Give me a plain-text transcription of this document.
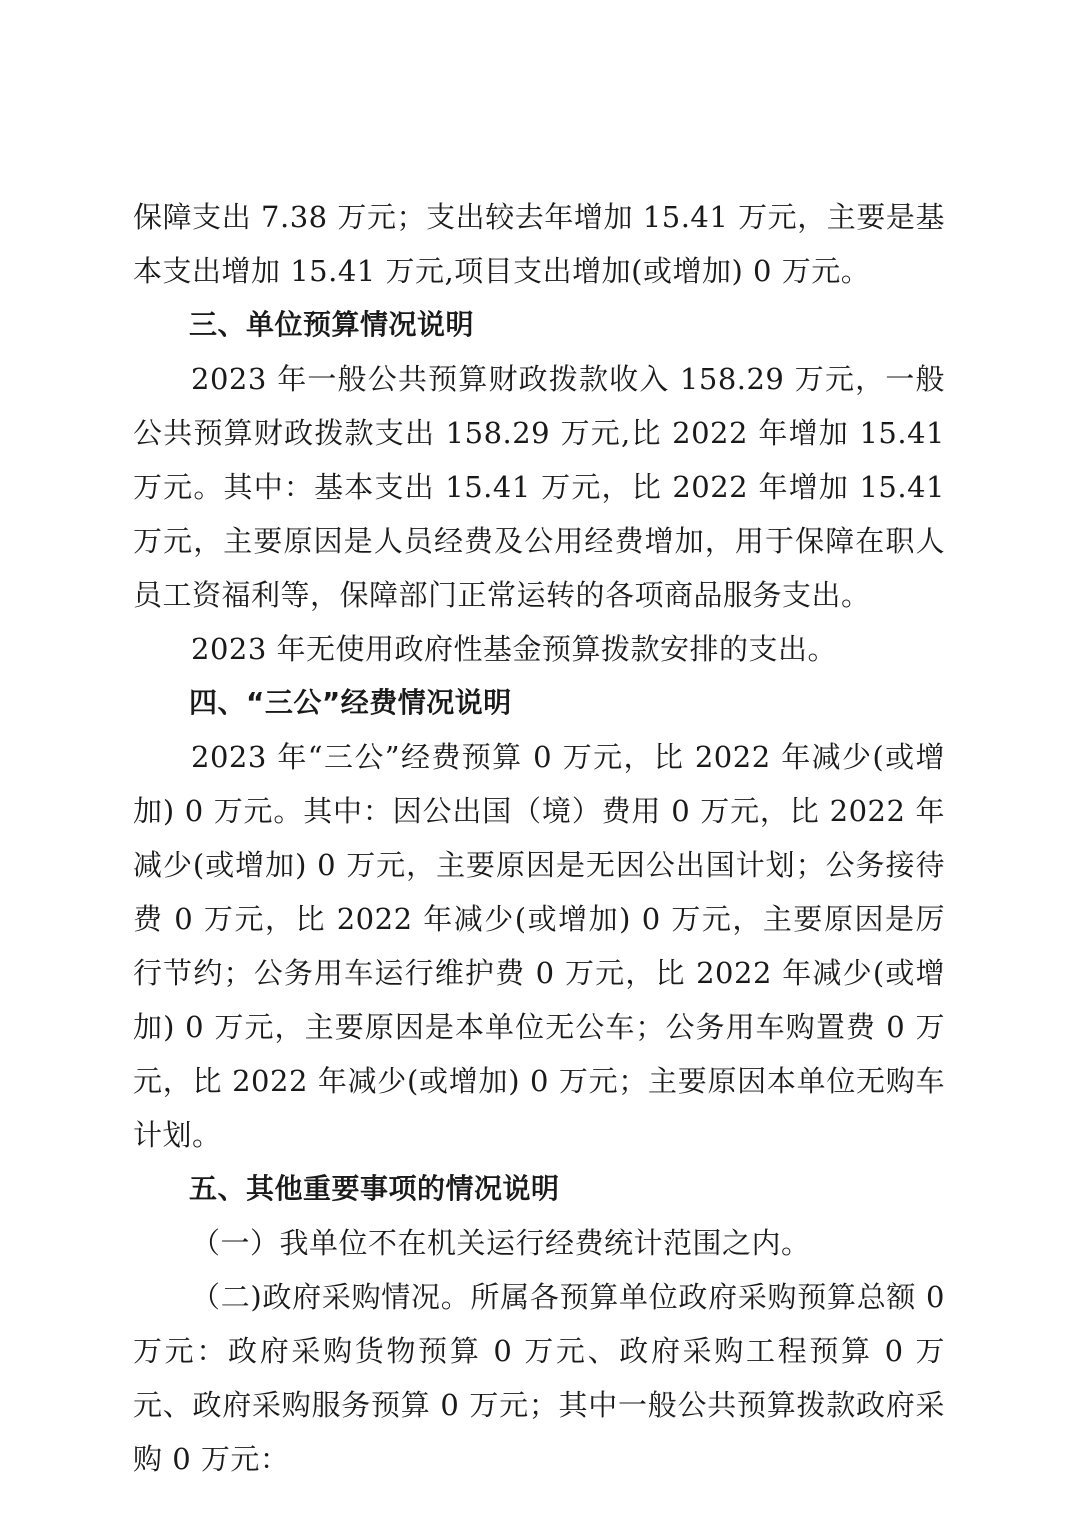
保障支出 7.38 万元；支出较去年增加 15.41 万元，主要是基本支出增加 15.41 万元,项目支出增加(或增加) 0 万元。

三、单位预算情况说明

2023 年一般公共预算财政拨款收入 158.29 万元，一般公共预算财政拨款支出 158.29 万元,比 2022 年增加 15.41 万元。其中：基本支出 15.41 万元，比 2022 年增加 15.41 万元，主要原因是人员经费及公用经费增加，用于保障在职人员工资福利等，保障部门正常运转的各项商品服务支出。

2023 年无使用政府性基金预算拨款安排的支出。

四、“三公”经费情况说明

2023 年“三公”经费预算 0 万元，比 2022 年减少(或增加) 0 万元。其中：因公出国（境）费用 0 万元，比 2022 年减少(或增加) 0 万元，主要原因是无因公出国计划；公务接待费 0 万元，比 2022 年减少(或增加) 0 万元，主要原因是厉行节约；公务用车运行维护费 0 万元，比 2022 年减少(或增加) 0 万元，主要原因是本单位无公车；公务用车购置费 0 万元，比 2022 年减少(或增加) 0 万元；主要原因本单位无购车计划。

五、其他重要事项的情况说明

（一）我单位不在机关运行经费统计范围之内。

（二)政府采购情况。所属各预算单位政府采购预算总额 0 万元：政府采购货物预算 0 万元、政府采购工程预算 0 万元、政府采购服务预算 0 万元；其中一般公共预算拨款政府采购 0 万元：
